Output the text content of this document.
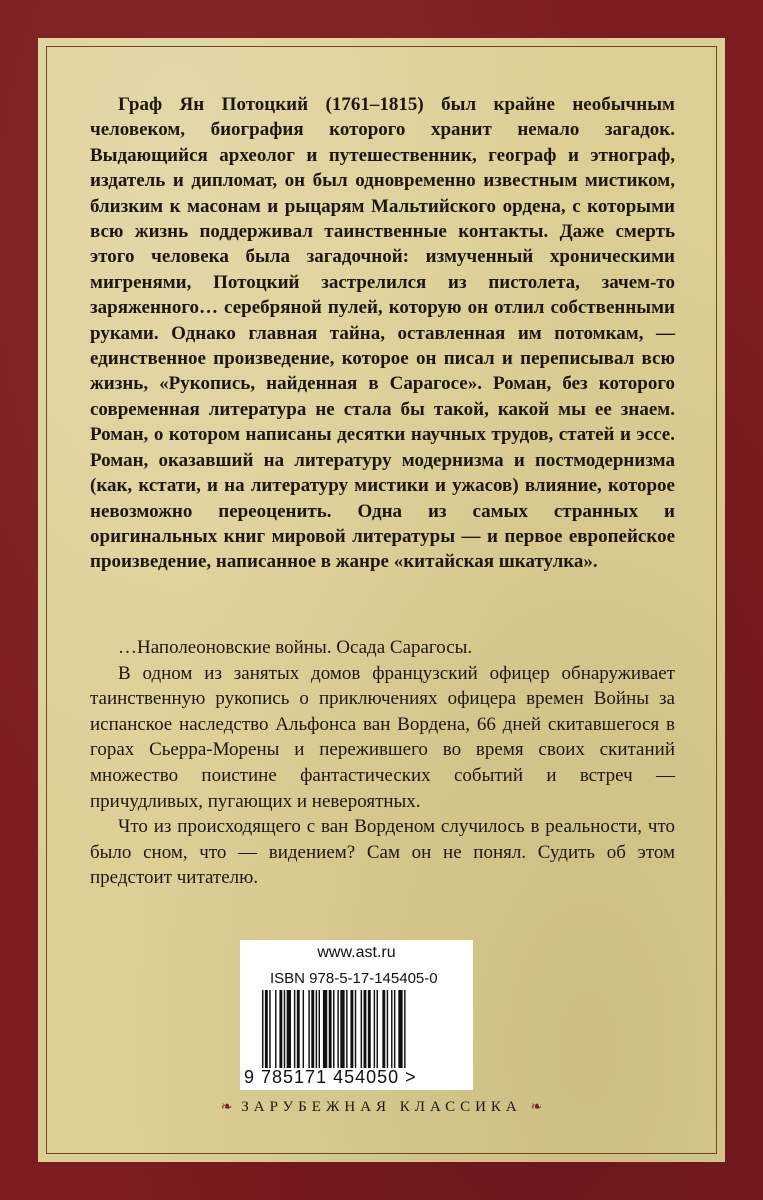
Граф Ян Потоцкий (1761–1815) был крайне необычным человеком, биография которого хранит немало загадок. Выдающийся археолог и путешественник, географ и этнограф, издатель и дипломат, он был одновременно известным мистиком, близким к масонам и рыцарям Мальтийского ордена, с которыми всю жизнь поддерживал таинственные контакты. Даже смерть этого человека была загадочной: измученный хроническими мигренями, Потоцкий застрелился из пистолета, зачем-то заряженного… серебряной пулей, которую он отлил собственными руками. Однако главная тайна, оставленная им потомкам, — единственное произведение, которое он писал и переписывал всю жизнь, «Рукопись, найденная в Сарагосе». Роман, без которого современная литература не стала бы такой, какой мы ее знаем. Роман, о котором написаны десятки научных трудов, статей и эссе. Роман, оказавший на литературу модернизма и постмодернизма (как, кстати, и на литературу мистики и ужасов) влияние, которое невозможно переоценить. Одна из самых странных и оригинальных книг мировой литературы — и первое европейское произведение, написанное в жанре «китайская шкатулка».

…Наполеоновские войны. Осада Сарагосы.

В одном из занятых домов французский офицер обнаруживает таинственную рукопись о приключениях офицера времен Войны за испанское наследство Альфонса ван Вордена, 66 дней скитавшегося в горах Сьерра-Морены и пережившего во время своих скитаний множество поистине фантастических событий и встреч — причудливых, пугающих и невероятных.

Что из происходящего с ван Ворденом случилось в реальности, что было сном, что — видением? Сам он не понял. Судить об этом предстоит читателю.

www.ast.ru
ISBN 978-5-17-145405-0
9 785171 454050 >
❧ ЗАРУБЕЖНАЯ КЛАССИКА ❧
